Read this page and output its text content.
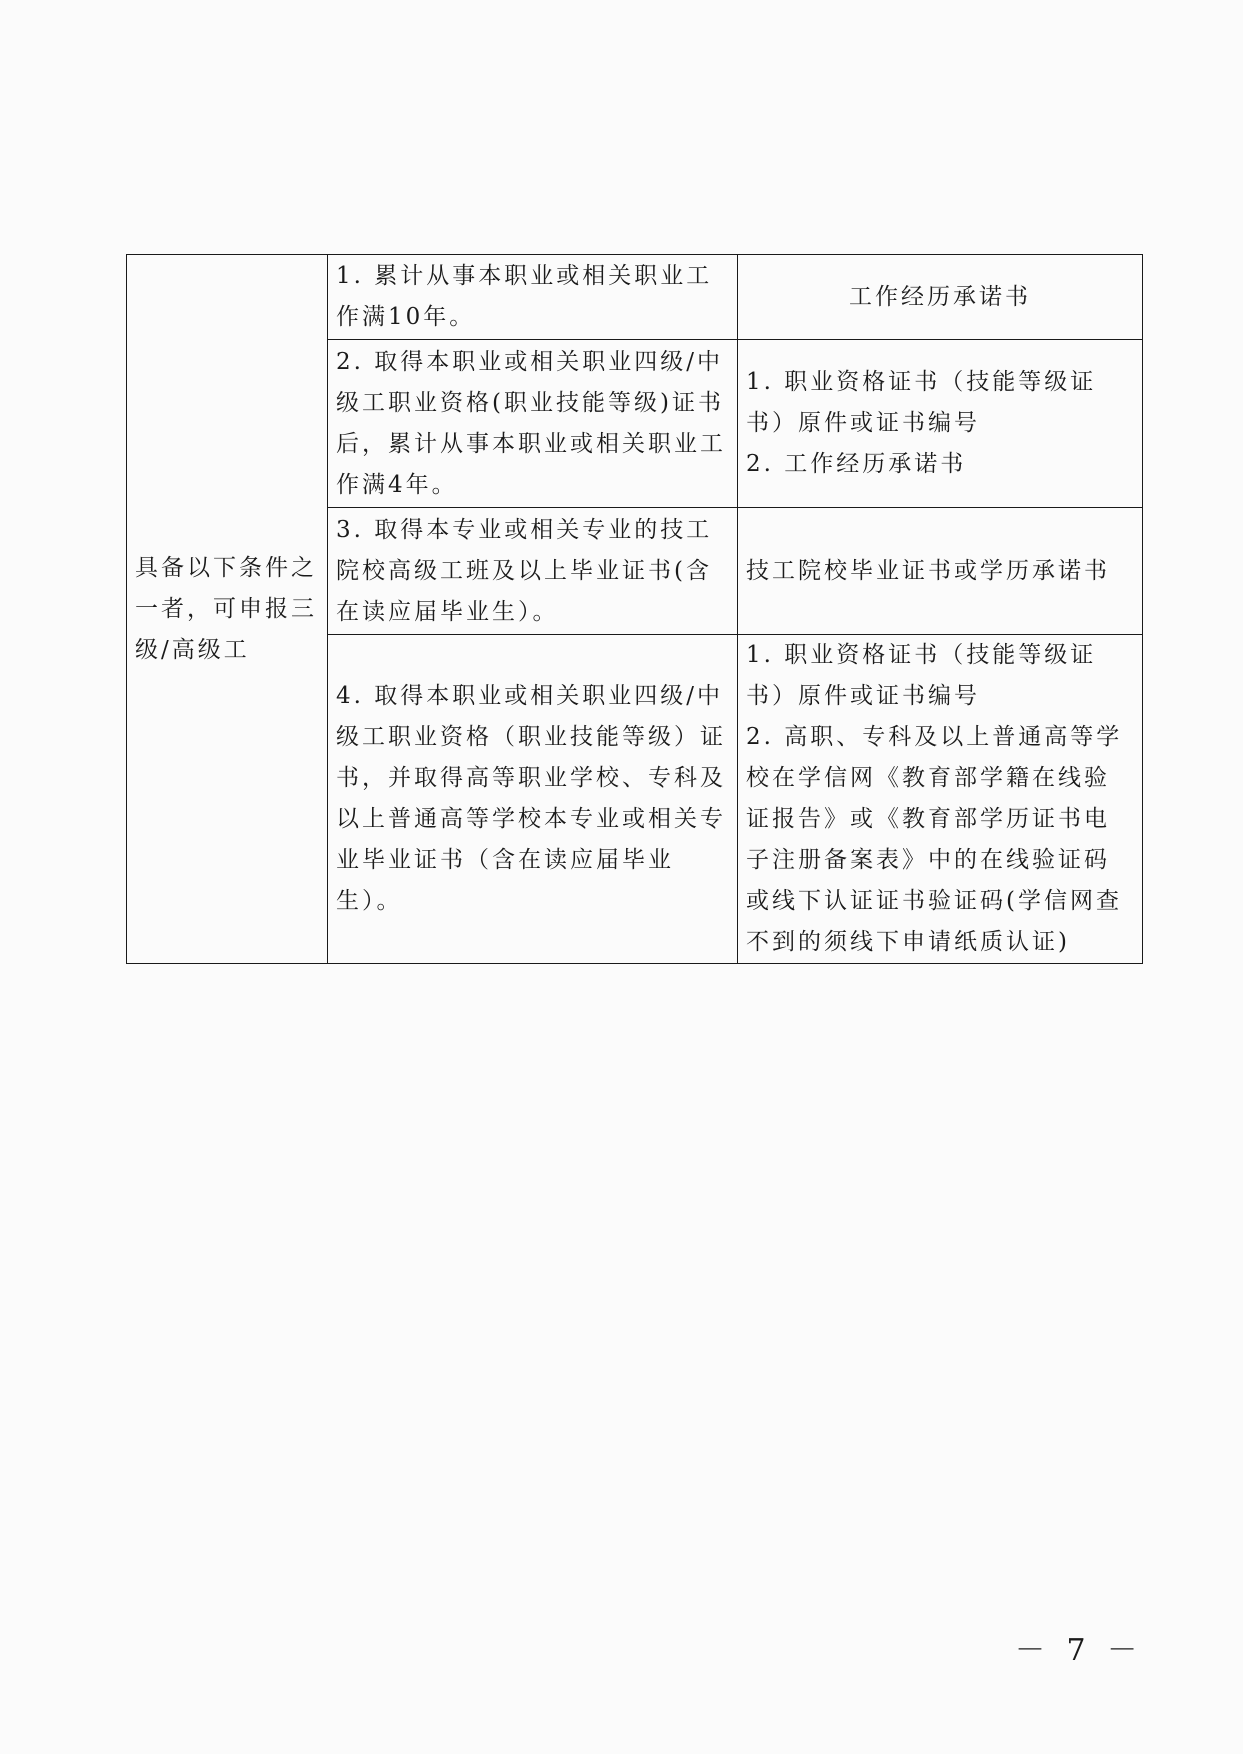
具备以下条件之一者，可申报三级/高级工	1. 累计从事本职业或相关职业工作满10年。	工作经历承诺书

	2. 取得本职业或相关职业四级/中级工职业资格(职业技能等级)证书后，累计从事本职业或相关职业工作满4年。	1. 职业资格证书（技能等级证书）原件或证书编号
2. 工作经历承诺书

	3. 取得本专业或相关专业的技工院校高级工班及以上毕业证书(含在读应届毕业生）。	技工院校毕业证书或学历承诺书

	4. 取得本职业或相关职业四级/中级工职业资格（职业技能等级）证书，并取得高等职业学校、专科及以上普通高等学校本专业或相关专业毕业证书（含在读应届毕业生）。	1. 职业资格证书（技能等级证书）原件或证书编号
2. 高职、专科及以上普通高等学校在学信网《教育部学籍在线验证报告》或《教育部学历证书电子注册备案表》中的在线验证码或线下认证证书验证码(学信网查不到的须线下申请纸质认证)
－ 7 －
